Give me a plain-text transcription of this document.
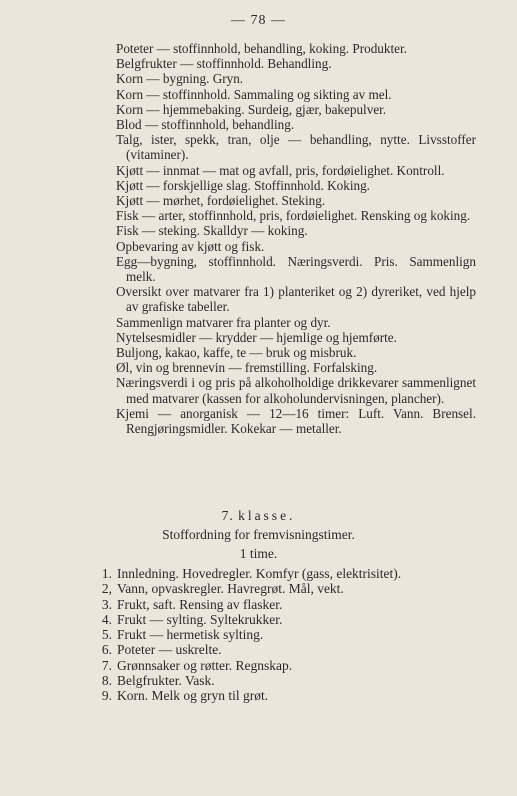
— 78 —
Poteter — stoffinnhold, behandling, koking. Produkter.
Belgfrukter — stoffinnhold. Behandling.
Korn — bygning. Gryn.
Korn — stoffinnhold. Sammaling og sikting av mel.
Korn — hjemmebaking. Surdeig, gjær, bakepulver.
Blod — stoffinnhold, behandling.
Talg, ister, spekk, tran, olje — behandling, nytte. Livsstoffer (vitaminer).
Kjøtt — innmat — mat og avfall, pris, fordøielighet. Kontroll.
Kjøtt — forskjellige slag. Stoffinnhold. Koking.
Kjøtt — mørhet, fordøielighet. Steking.
Fisk — arter, stoffinnhold, pris, fordøielighet. Rensking og koking.
Fisk — steking. Skalldyr — koking.
Opbevaring av kjøtt og fisk.
Egg—bygning, stoffinnhold. Næringsverdi. Pris. Sammenlign melk.
Oversikt over matvarer fra 1) planteriket og 2) dyreriket, ved hjelp av grafiske tabeller.
Sammenlign matvarer fra planter og dyr.
Nytelsesmidler — krydder — hjemlige og hjemførte.
Buljong, kakao, kaffe, te — bruk og misbruk.
Øl, vin og brennevin — fremstilling. Forfalsking.
Næringsverdi i og pris på alkoholholdige drikkevarer sammenlignet med matvarer (kassen for alkoholundervisningen, plancher).
Kjemi — anorganisk — 12—16 timer: Luft. Vann. Brensel. Rengjøringsmidler. Kokekar — metaller.
7. klasse.
Stoffordning for fremvisningstimer.
1 time.
1. Innledning. Hovedregler. Komfyr (gass, elektrisitet).
2, Vann, opvaskregler. Havregrøt. Mål, vekt.
3. Frukt, saft. Rensing av flasker.
4. Frukt — sylting. Syltekrukker.
5. Frukt — hermetisk sylting.
6. Poteter — uskrelte.
7. Grønnsaker og røtter. Regnskap.
8. Belgfrukter. Vask.
9. Korn. Melk og gryn til grøt.
